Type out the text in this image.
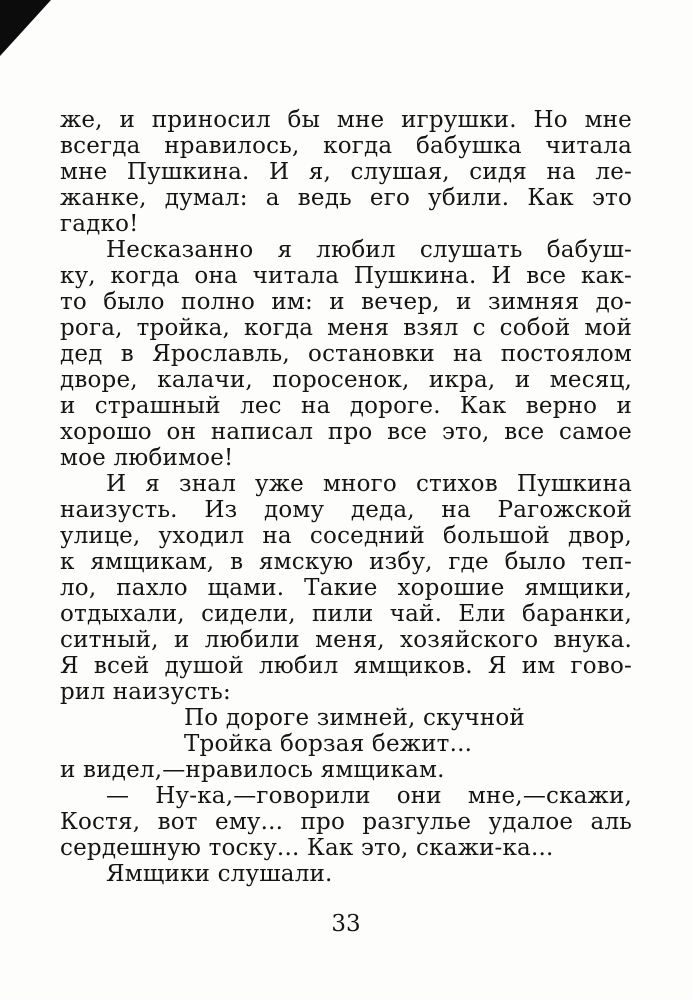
же, и приносил бы мне игрушки. Но мне
всегда нравилось, когда бабушка читала
мне Пушкина. И я, слушая, сидя на ле-
жанке, думал: а ведь его убили. Как это
гадко!
Несказанно я любил слушать бабуш-
ку, когда она читала Пушкина. И все как-
то было полно им: и вечер, и зимняя до-
рога, тройка, когда меня взял с собой мой
дед в Ярославль, остановки на постоялом
дворе, калачи, поросенок, икра, и месяц,
и страшный лес на дороге. Как верно и
хорошо он написал про все это, все самое
мое любимое!
И я знал уже много стихов Пушкина
наизусть. Из дому деда, на Рагожской
улице, уходил на соседний большой двор,
к ямщикам, в ямскую избу, где было теп-
ло, пахло щами. Такие хорошие ямщики,
отдыхали, сидели, пили чай. Ели баранки,
ситный, и любили меня, хозяйского внука.
Я всей душой любил ямщиков. Я им гово-
рил наизусть:
По дороге зимней, скучной
Тройка борзая бежит...
и видел,—нравилось ямщикам.
— Ну-ка,—говорили они мне,—скажи,
Костя, вот ему... про разгулье удалое аль
сердешную тоску... Как это, скажи-ка...
Ямщики слушали.
33
